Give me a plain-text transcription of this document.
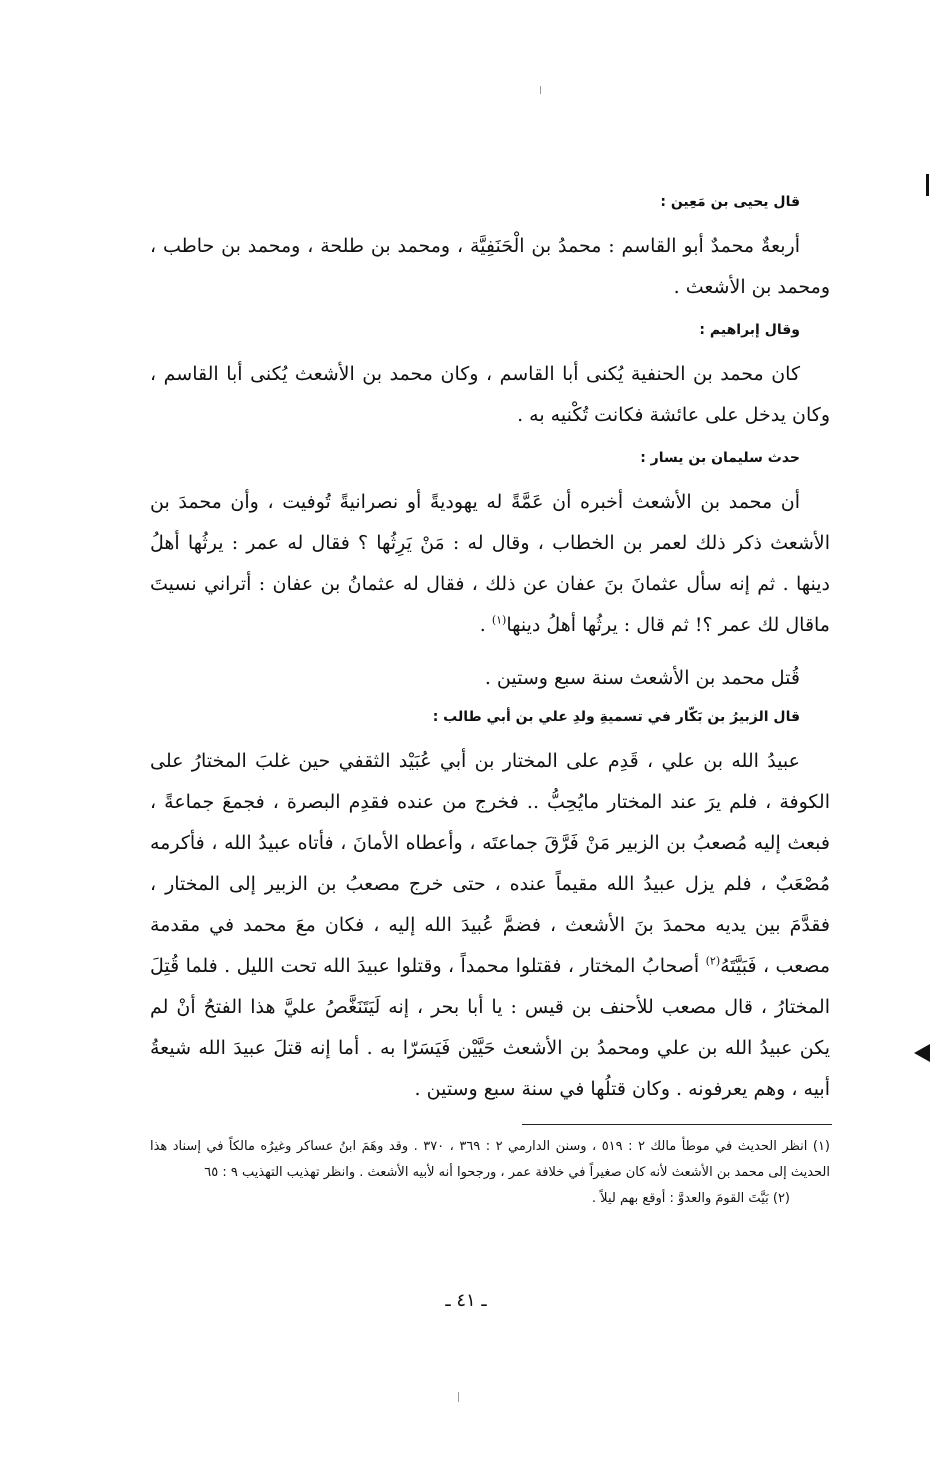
قال يحيى بن مَعِين :

أربعةٌ محمدٌ أبو القاسم : محمدُ بن الْحَنَفِيَّة ، ومحمد بن طلحة ، ومحمد بن حاطب ، ومحمد بن الأشعث .

وقال إبراهيم :

كان محمد بن الحنفية يُكنى أبا القاسم ، وكان محمد بن الأشعث يُكنى أبا القاسم ، وكان يدخل على عائشة فكانت تُكْنيه به .

حدث سليمان بن يسار :

أن محمد بن الأشعث أخبره أن عَمَّةً له يهوديةً أو نصرانيةً تُوفيت ، وأن محمدَ بن الأشعث ذكر ذلك لعمر بن الخطاب ، وقال له : مَنْ يَرِثُها ؟ فقال له عمر : يرثُها أهلُ دينها . ثم إنه سأل عثمانَ بنَ عفان عن ذلك ، فقال له عثمانُ بن عفان : أتراني نسيتَ ماقال لك عمر ؟! ثم قال : يرثُها أهلُ دينها$^{(١)}$ .

قُتل محمد بن الأشعث سنة سبع وستين .

قال الزبيرُ بن بَكّار في تسميةِ ولدِ علي بن أبي طالب :

عبيدُ الله بن علي ، قَدِم على المختار بن أبي عُبَيْد الثقفي حين غلبَ المختارُ على الكوفة ، فلم يرَ عند المختار مايُحِبُّ .. فخرج من عنده فقدِم البصرة ، فجمعَ جماعةً ، فبعث إليه مُصعبُ بن الزبير مَنْ فَرَّقَ جماعتَه ، وأعطاه الأمانَ ، فأتاه عبيدُ الله ، فأكرمه مُصْعَبٌ ، فلم يزل عبيدُ الله مقيماً عنده ، حتى خرج مصعبُ بن الزبير إلى المختار ، فقدَّمَ بين يديه محمدَ بنَ الأشعث ، فضمَّ عُبيدَ الله إليه ، فكان معَ محمد في مقدمة مصعب ، فَبَيَّتَهُ$^{(٢)}$ أصحابُ المختار ، فقتلوا محمداً ، وقتلوا عبيدَ الله تحت الليل . فلما قُتِلَ المختارُ ، قال مصعب للأحنف بن قيس : يا أبا بحر ، إنه لَيَتَنَغَّصُ عليَّ هذا الفتحُ أنْ لم يكن عبيدُ الله بن علي ومحمدُ بن الأشعث حَيَّيْن فَيَسَرّا به . أما إنه قتلَ عبيدَ الله شيعةُ أبيه ، وهم يعرفونه . وكان قتلُها في سنة سبع وستين .

(١) انظر الحديث في موطأ مالك ٢ : ٥١٩ ، وسنن الدارمي ٢ : ٣٦٩ ، ٣٧٠ . وقد وهَمَ ابنُ عساكر وغيرُه مالكاً في إسناد هذا الحديث إلى محمد بن الأشعث لأنه كان صغيراً في خلافة عمر ، ورجحوا أنه لأبيه الأشعث . وانظر تهذيب التهذيب ٩ : ٦٥

(٢) بَيَّتَ القومَ والعدوَّ : أوقع بهم ليلاً .

ـ ٤١ ـ
